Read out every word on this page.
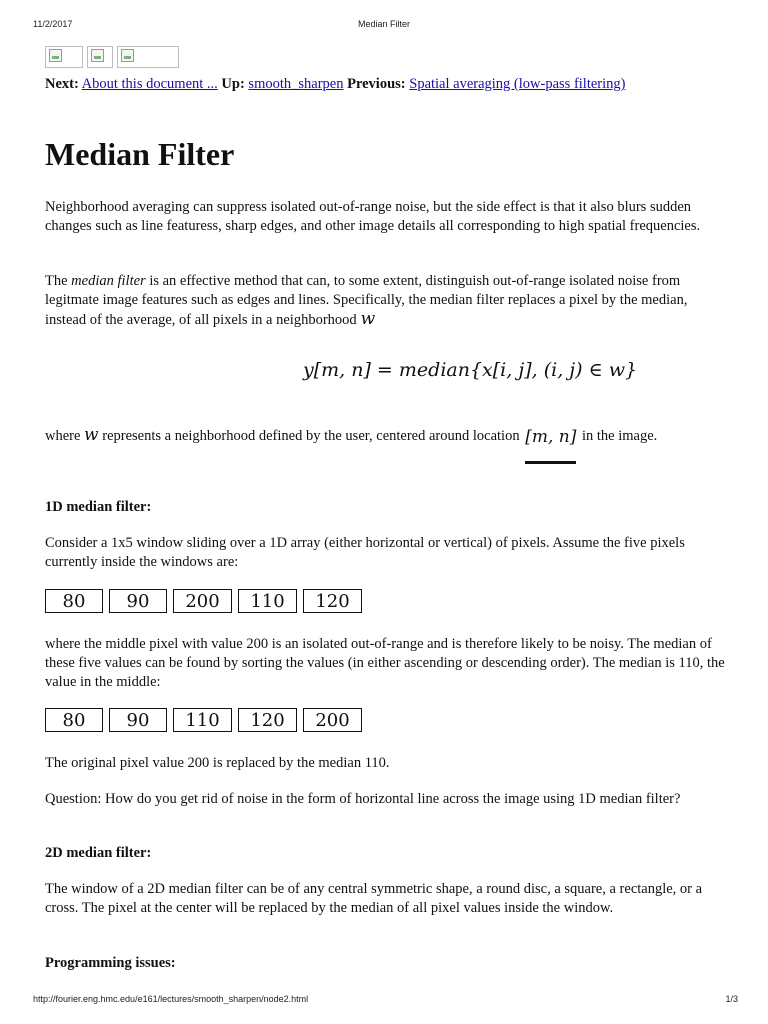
11/2/2017	Median Filter
Next: About this document ... Up: smooth_sharpen Previous: Spatial averaging (low-pass filtering)
Median Filter

Neighborhood averaging can suppress isolated out-of-range noise, but the side effect is that it also blurs sudden changes such as line featuress, sharp edges, and other image details all corresponding to high spatial frequencies.

The median filter is an effective method that can, to some extent, distinguish out-of-range isolated noise from legitmate image features such as edges and lines. Specifically, the median filter replaces a pixel by the median, instead of the average, of all pixels in a neighborhood w

y[m, n] = median{x[i, j], (i, j) ∈ w}

where w represents a neighborhood defined by the user, centered around location [m, n]
in the image.

1D median filter:

Consider a 1x5 window sliding over a 1D array (either horizontal or vertical) of pixels. Assume the five pixels currently inside the windows are:

80	90	200	110	120

where the middle pixel with value 200 is an isolated out-of-range and is therefore likely to be noisy. The median of these five values can be found by sorting the values (in either ascending or descending order). The median is 110, the value in the middle:

80	90	110	120	200

The original pixel value 200 is replaced by the median 110.

Question: How do you get rid of noise in the form of horizontal line across the image using 1D median filter?

2D median filter:

The window of a 2D median filter can be of any central symmetric shape, a round disc, a square, a rectangle, or a cross. The pixel at the center will be replaced by the median of all pixel values inside the window.

Programming issues:

http://fourier.eng.hmc.edu/e161/lectures/smooth_sharpen/node2.html	1/3
